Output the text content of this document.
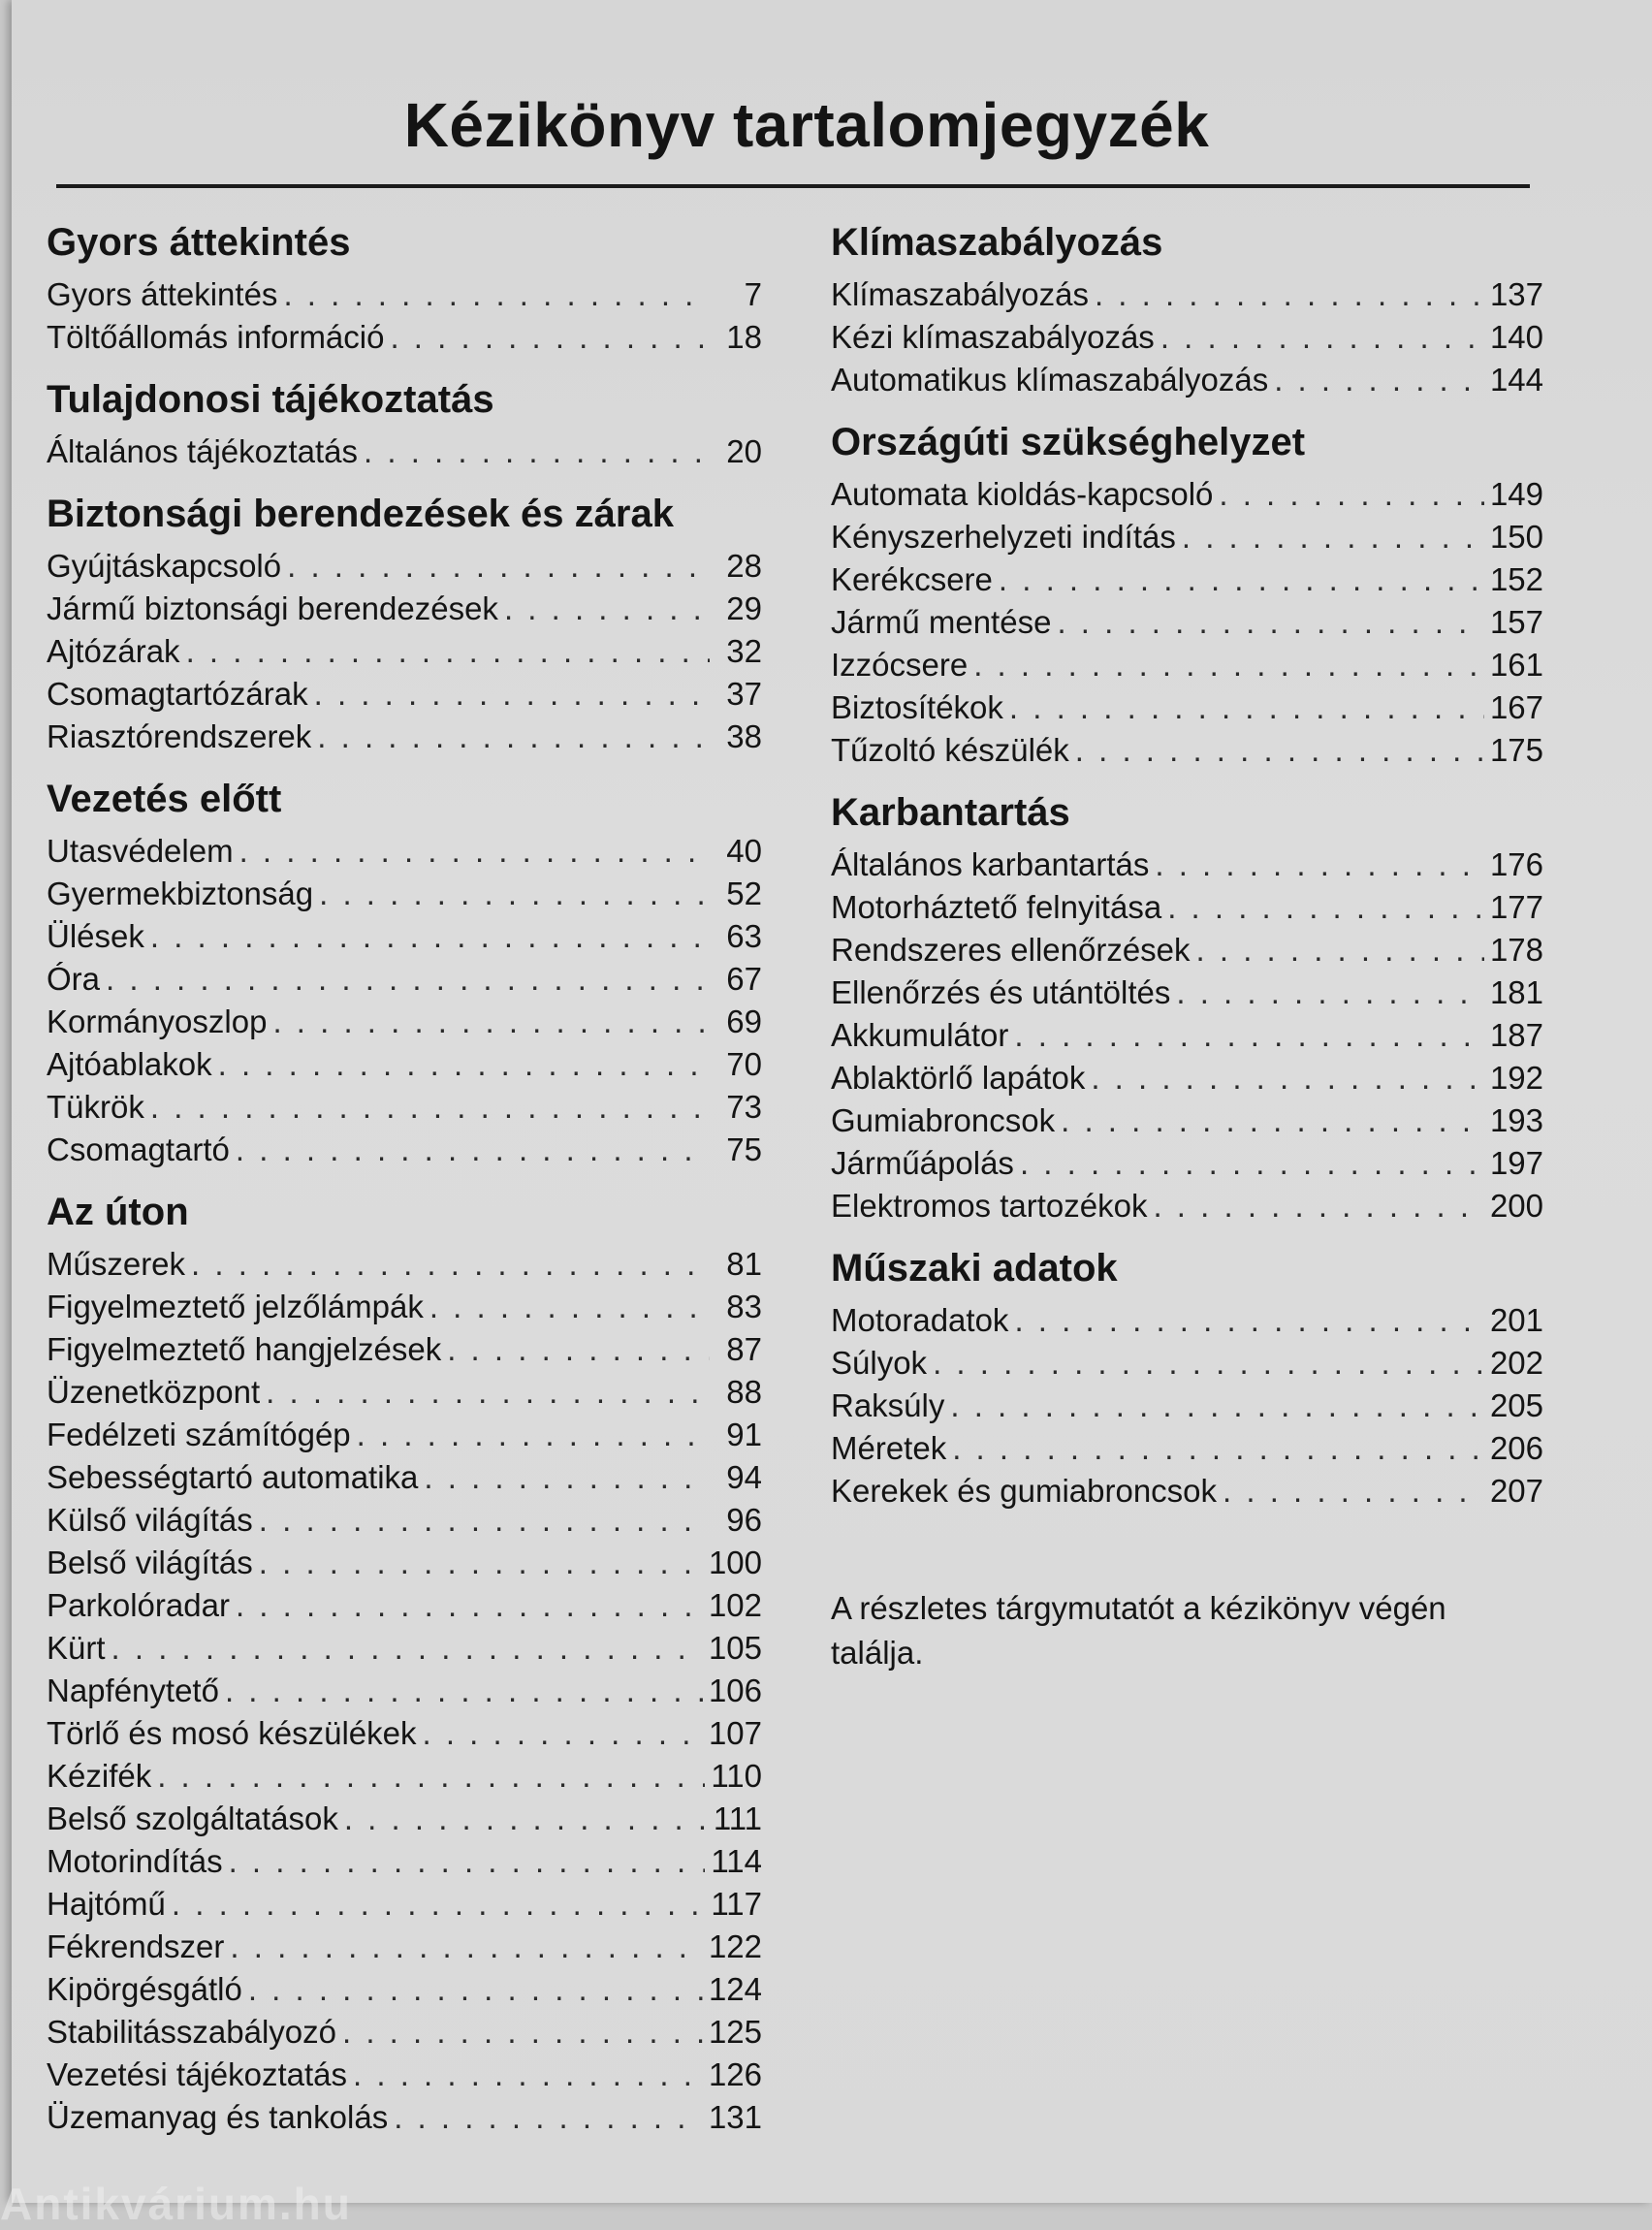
Kézikönyv tartalomjegyzék
Gyors áttekintés
Gyors áttekintés . . .	7
Töltőállomás információ . . .	18
Tulajdonosi tájékoztatás
Általános tájékoztatás . . .	20
Biztonsági berendezések és zárak
Gyújtáskapcsoló . . .	28
Jármű biztonsági berendezések . . .	29
Ajtózárak . . .	32
Csomagtartózárak . . .	37
Riasztórendszerek . . .	38
Vezetés előtt
Utasvédelem . . .	40
Gyermekbiztonság . . .	52
Ülések . . .	63
Óra . . .	67
Kormányoszlop . . .	69
Ajtóablakok . . .	70
Tükrök . . .	73
Csomagtartó . . .	75
Az úton
Műszerek . . .	81
Figyelmeztető jelzőlámpák . . .	83
Figyelmeztető hangjelzések . . .	87
Üzenetközpont . . .	88
Fedélzeti számítógép . . .	91
Sebességtartó automatika . . .	94
Külső világítás . . .	96
Belső világítás . . .	100
Parkolóradar . . .	102
Kürt . . .	105
Napfénytető . . .	106
Törlő és mosó készülékek . . .	107
Kézifék . . .	110
Belső szolgáltatások . . .	111
Motorindítás . . .	114
Hajtómű . . .	117
Fékrendszer . . .	122
Kipörgésgátló . . .	124
Stabilitásszabályozó . . .	125
Vezetési tájékoztatás . . .	126
Üzemanyag és tankolás . . .	131
Klímaszabályozás
Klímaszabályozás . . .	137
Kézi klímaszabályozás . . .	140
Automatikus klímaszabályozás . . .	144
Országúti szükséghelyzet
Automata kioldás-kapcsoló . . .	149
Kényszerhelyzeti indítás . . .	150
Kerékcsere . . .	152
Jármű mentése . . .	157
Izzócsere . . .	161
Biztosítékok . . .	167
Tűzoltó készülék . . .	175
Karbantartás
Általános karbantartás . . .	176
Motorháztető felnyitása . . .	177
Rendszeres ellenőrzések . . .	178
Ellenőrzés és utántöltés . . .	181
Akkumulátor . . .	187
Ablaktörlő lapátok . . .	192
Gumiabroncsok . . .	193
Járműápolás . . .	197
Elektromos tartozékok . . .	200
Műszaki adatok
Motoradatok . . .	201
Súlyok . . .	202
Raksúly . . .	205
Méretek . . .	206
Kerekek és gumiabroncsok . . .	207

A részletes tárgymutatót a kézikönyv végén találja.

Antikvárium.hu
